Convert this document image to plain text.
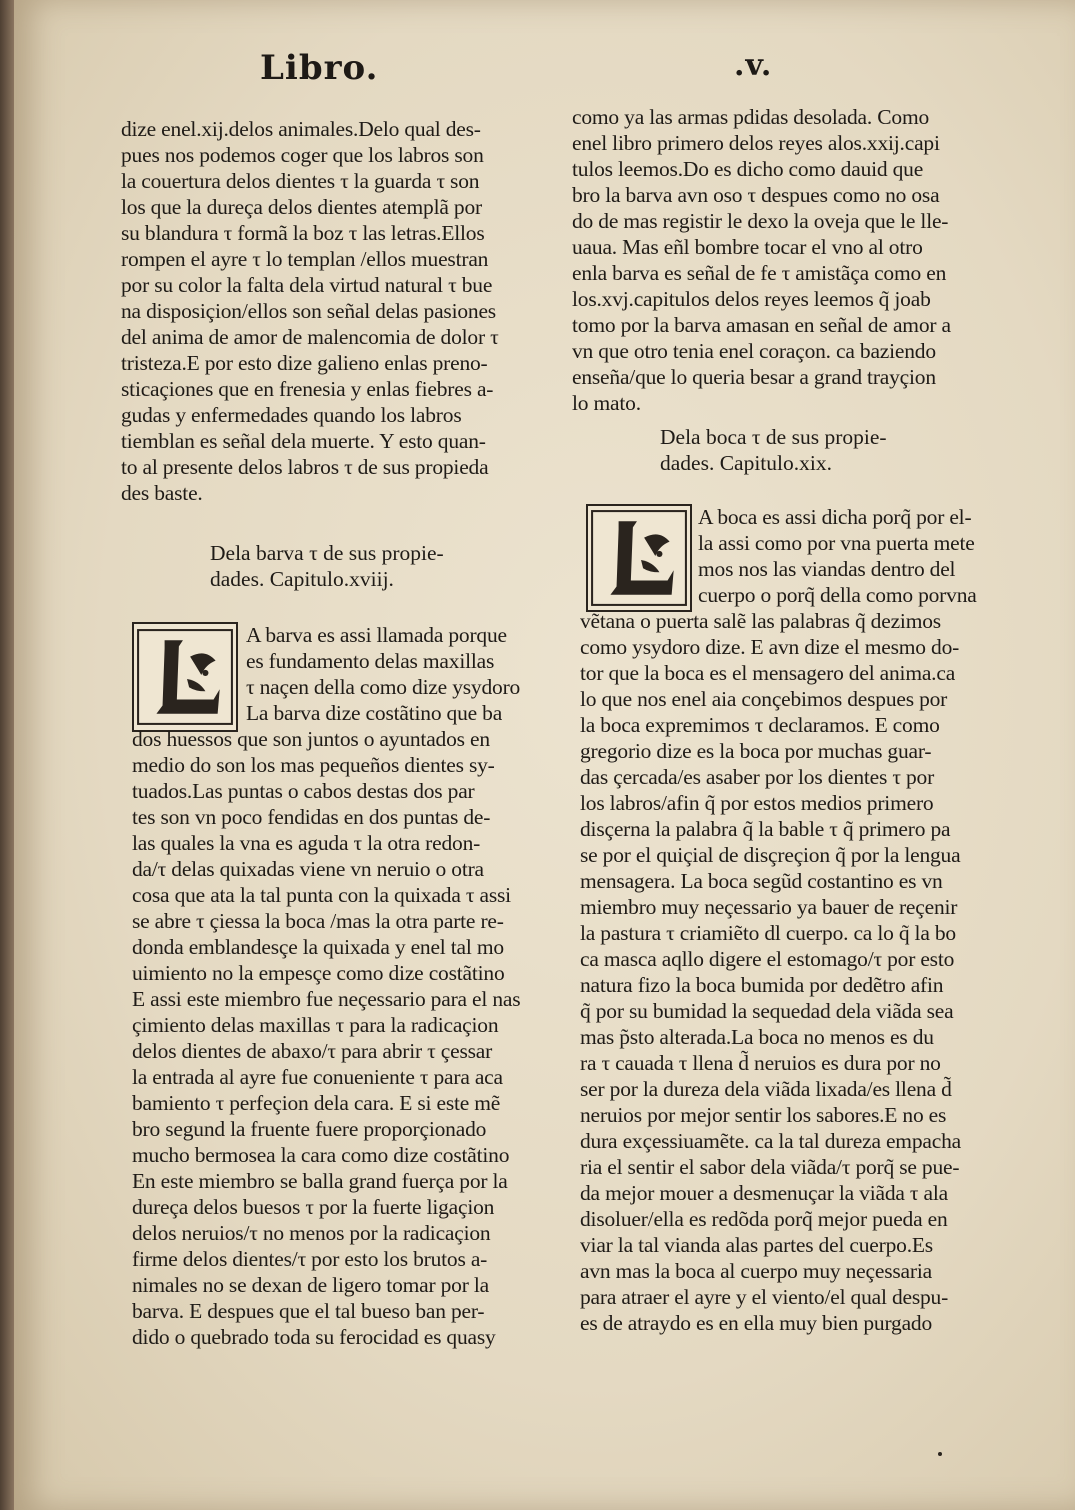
Libro.	.v.
dize enel.xij.delos animales.Delo qual des-
pues nos podemos coger que los labros son
la couertura delos dientes τ la guarda τ son
los que la dureça delos dientes atemplã por
su blandura τ formã la boz τ las letras.Ellos
rompen el ayre τ lo templan /ellos muestran
por su color la falta dela virtud natural τ bue
na disposiçion/ellos son señal delas pasiones
del anima de amor de malencomia de dolor τ
tristeza.E por esto dize galieno enlas preno-
sticaçiones que en frenesia y enlas fiebres a-
gudas y enfermedades quando los labros
tiemblan es señal dela muerte. Y esto quan-
to al presente delos labros τ de sus propieda
des baste.
Dela barva τ de sus propie-
dades. Capitulo.xviij.
A barva es assi llamada porque
es fundamento delas maxillas
τ naçen della como dize ysydoro
La barva dize costãtino que ba
dos huessos que son juntos o ayuntados en
medio do son los mas pequeños dientes sy-
tuados.Las puntas o cabos destas dos par
tes son vn poco fendidas en dos puntas de-
las quales la vna es aguda τ la otra redon-
da/τ delas quixadas viene vn neruio o otra
cosa que ata la tal punta con la quixada τ assi
se abre τ çiessa la boca /mas la otra parte re-
donda emblandesçe la quixada y enel tal mo
uimiento no la empesçe como dize costãtino
E assi este miembro fue neçessario para el nas
çimiento delas maxillas τ para la radicaçion
delos dientes de abaxo/τ para abrir τ çessar
la entrada al ayre fue conueniente τ para aca
bamiento τ perfeçion dela cara. E si este mẽ
bro segund la fruente fuere proporçionado
mucho bermosea la cara como dize costãtino
En este miembro se balla grand fuerça por la
dureça delos buesos τ por la fuerte ligaçion
delos neruios/τ no menos por la radicaçion
firme delos dientes/τ por esto los brutos a-
nimales no se dexan de ligero tomar por la
barva. E despues que el tal bueso ban per-
dido o quebrado toda su ferocidad es quasy
como ya las armas pdidas desolada. Como
enel libro primero delos reyes alos.xxij.capi
tulos leemos.Do es dicho como dauid que
bro la barva avn oso τ despues como no osa
do de mas registir le dexo la oveja que le lle-
uaua. Mas eñl bombre tocar el vno al otro
enla barva es señal de fe τ amistãça como en
los.xvj.capitulos delos reyes leemos q̃ joab
tomo por la barva amasan en señal de amor a
vn que otro tenia enel coraçon. ca baziendo
enseña/que lo queria besar a grand trayçion
lo mato.
Dela boca τ de sus propie-
dades. Capitulo.xix.
A boca es assi dicha porq̃ por el-
la assi como por vna puerta mete
mos nos las viandas dentro del
cuerpo o porq̃ della como porvna
vẽtana o puerta salẽ las palabras q̃ dezimos
como ysydoro dize. E avn dize el mesmo do-
tor que la boca es el mensagero del anima.ca
lo que nos enel aia conçebimos despues por
la boca expremimos τ declaramos. E como
gregorio dize es la boca por muchas guar-
das çercada/es asaber por los dientes τ por
los labros/afin q̃ por estos medios primero
disçerna la palabra q̃ la bable τ q̃ primero pa
se por el quiçial de disçreçion q̃ por la lengua
mensagera. La boca segũd costantino es vn
miembro muy neçessario ya bauer de reçenir
la pastura τ criamiẽto dl cuerpo. ca lo q̃ la bo
ca masca aqllo digere el estomago/τ por esto
natura fizo la boca bumida por dedẽtro afin
q̃ por su bumidad la sequedad dela viãda sea
mas p̃sto alterada.La boca no menos es du
ra τ cauada τ llena d̃ neruios es dura por no
ser por la dureza dela viãda lixada/es llena d̃
neruios por mejor sentir los sabores.E no es
dura exçessiuamẽte. ca la tal dureza empacha
ria el sentir el sabor dela viãda/τ porq̃ se pue-
da mejor mouer a desmenuçar la viãda τ ala
disoluer/ella es redõda porq̃ mejor pueda en
viar la tal vianda alas partes del cuerpo.Es
avn mas la boca al cuerpo muy neçessaria
para atraer el ayre y el viento/el qual despu-
es de atraydo es en ella muy bien purgado
